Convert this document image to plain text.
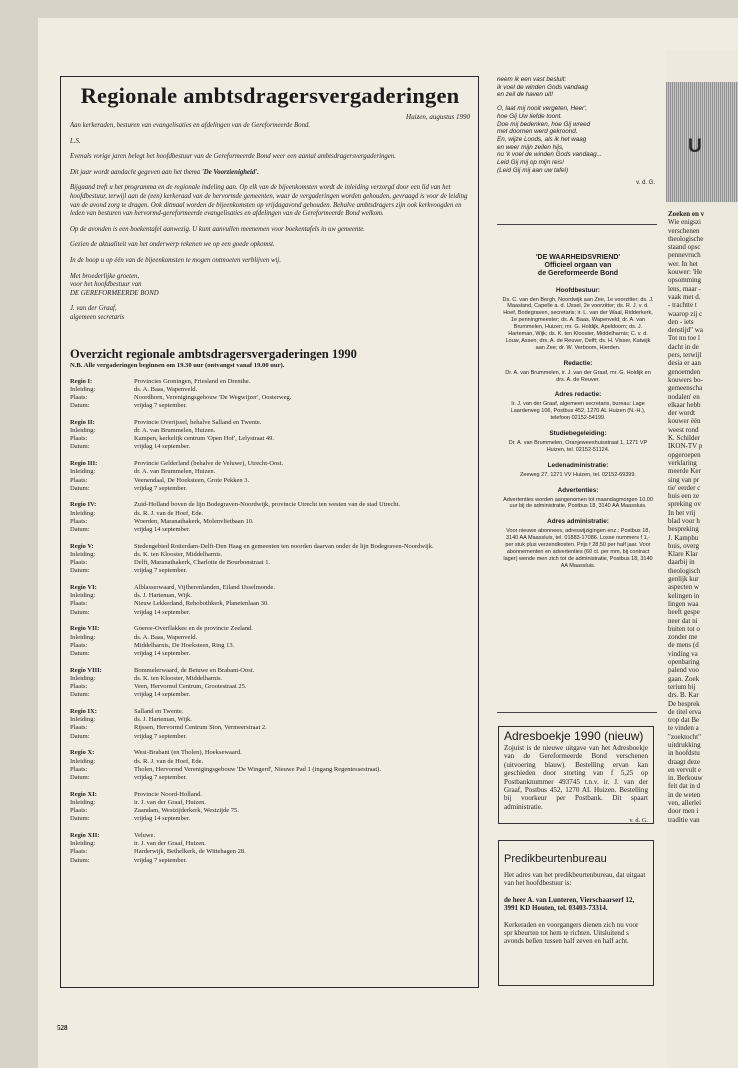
528
Regionale ambtsdragersvergaderingen
Huizen, augustus 1990

Aan kerkeraden, besturen van evangelisaties en afdelingen van de Gereformeerde Bond.

L.S.

Evenals vorige jaren belegt het hoofdbestuur van de Gereformeerde Bond weer een aantal ambtsdragersvergaderingen.

Dit jaar wordt aandacht gegeven aan het thema 'De Voorzienigheid'.

Bijgaand treft u het programma en de regionale indeling aan. Op elk van de bijeenkomsten wordt de inleiding verzorgd door een lid van het hoofdbestuur, terwijl aan de (een) kerkeraad van de hervormde gemeenten, waar de vergaderingen worden gehouden, gevraagd is voor de leiding van de avond zorg te dragen. Ook ditmaal worden de bijeenkomsten op vrijdagavond gehouden. Behalve ambtsdragers zijn ook kerkvoogden en leden van besturen van hervormd-gereformeerde evangelisaties en afdelingen van de Gereformeerde Bond welkom.

Op de avonden is een boekentafel aanwezig. U kunt aanvullen meenemen voor boekentafels in uw gemeente.

Gezien de aktualiteit van het onderwerp rekenen we op een goede opkomst.

In de hoop u op één van de bijeenkomsten te mogen ontmoeten verblijven wij.

Met broederlijke groeten,
voor het hoofdbestuur van
DE GEREFORMEERDE BOND

J. van der Graaf,
algemeen secretaris

Overzicht regionale ambtsdragersvergaderingen 1990

N.B. Alle vergaderingen beginnen om 19.30 uur (ontvangst vanaf 19.00 uur).

Regio I:	Provincies Groningen, Friesland en Drenthe.
Inleiding:	ds. A. Baas, Wapenveld.
Plaats:	Noordhorn, Verenigingsgebouw 'De Wegwijzer', Oosterweg.
Datum:	vrijdag 7 september.
Regio II:	Provincie Overijssel, behalve Salland en Twente.
Inleiding:	dr. A. van Brummelen, Huizen.
Plaats:	Kampen, kerkelijk centrum 'Open Hof', Lelystraat 49.
Datum:	vrijdag 14 september.
Regio III:	Provincie Gelderland (behalve de Veluwe), Utrecht-Oost.
Inleiding:	dr. A. van Brummelen, Huizen.
Plaats:	Veenendaal, De Hoeksteen, Grote Pekken 3.
Datum:	vrijdag 7 september.
Regio IV:	Zuid-Holland boven de lijn Bodegraven-Noordwijk, provincie Utrecht ten westen van de stad Utrecht.
Inleiding:	ds. R. J. van de Hoef, Ede.
Plaats:	Woerden, Maranathakerk, Molenvlietbaan 10.
Datum:	vrijdag 14 september.
Regio V:	Stedengebied Rotterdam-Delft-Den Haag en gemeenten ten noorden daarvan onder de lijn Bodegraven-Noordwijk.
Inleiding:	ds. K. ten Klooster, Middelharnis.
Plaats:	Delft, Maranathakerk, Charlotte de Bourbonstraat 1.
Datum:	vrijdag 7 september.
Regio VI:	Alblasserwaard, Vijfherenlanden, Eiland IJsselmonde.
Inleiding:	ds. J. Harteman, Wijk.
Plaats:	Nieuw Lekkerland, Rehobothkerk, Planetenlaan 30.
Datum:	vrijdag 14 september.
Regio VII:	Goeree-Overflakkee en de provincie Zeeland.
Inleiding:	ds. A. Baas, Wapenveld.
Plaats:	Middelharnis, De Hoeksteen, Ring 13.
Datum:	vrijdag 14 september.
Regio VIII:	Bommelerwaard, de Betuwe en Brabant-Oost.
Inleiding:	ds. K. ten Klooster, Middelharnis.
Plaats:	Veen, Hervormd Centrum, Grootestraat 25.
Datum:	vrijdag 14 september.
Regio IX:	Salland en Twente.
Inleiding:	ds. J. Harteman, Wijk.
Plaats:	Rijssen, Hervormd Centrum Sion, Vermeerstraat 2.
Datum:	vrijdag 7 september.
Regio X:	West-Brabant (en Tholen), Hoeksewaard.
Inleiding:	ds. R. J. van de Hoef, Ede.
Plaats:	Tholen, Hervormd Verenigingsgebouw 'De Wingerd', Nieuwe Pad 1 (ingang Regentessestraat).
Datum:	vrijdag 7 september.
Regio XI:	Provincie Noord-Holland.
Inleiding:	ir. J. van der Graaf, Huizen.
Plaats:	Zaandam, Westzijderkerk, Westzijde 75.
Datum:	vrijdag 14 september.
Regio XII:	Veluwe.
Inleiding:	ir. J. van der Graaf, Huizen.
Plaats:	Harderwijk, Bethelkerk, de Wittehagen 28.
Datum:	vrijdag 7 september.

neem ik een vast besluit:
ik voel de winden Gods vandaag
en zeil de haven uit!

O, laat mij nooit vergeten, Heer',
hoe Gij Uw liefde toont.
Doe mij bedenken, hoe Gij wreed
met doornen werd gekroond.
En, wijze Loods, als ik het waag
en weer mijn zeilen hijs,
nu 'k voel de winden Gods vandaag...
Leid Gij mij op mijn reis!
(Leid Gij mij aan uw tafel)

v. d. G.
'DE WAARHEIDSVRIEND'
Officieel orgaan van
de Gereformeerde Bond
Hoofdbestuur:

Ds. C. van den Bergh, Noordwijk aan Zee, 1e voorzitter; ds. J. Maasland, Capelle a. d. IJssel, 2e voorzitter; ds. R. J. v. d. Hoef, Bodegraven, secretaris; ir. L. van der Waal, Ridderkerk, 1e penningmeester; ds. A. Baas, Wapenveld; dr. A. van Brummelen, Huizen; mr. G. Holdijk, Apeldoorn; ds. J. Harteman, Wijk; ds. K. ten Klooster, Middelharnis; C. v. d. Louw, Assen; drs. A. de Reuver, Delft; ds. H. Visser, Katwijk aan Zee; dr. W. Verboom, Hierden.

Redactie:

Dr. A. van Brummelen, ir. J. van der Graaf, mr. G. Holdijk en drs. A. de Reuver.

Adres redactie:

Ir. J. van der Graaf, algemeen secretaris, bureau: Lage Laarderweg 106, Postbus 452, 1270 AL Huizen (N.-H.), telefoon 02152-54199.

Studiebegeleiding:

Dr. A. van Brummelen, Oranjeweeshuisstraat 1, 1271 VP Huizen, tel. 02152-51124.

Ledenadministratie:

Zeeweg 27, 1271 VV Huizen, tel. 02152-69399.

Advertenties:

Advertenties worden aangenomen tot maandagmorgen 10.00 uur bij de administratie, Postbus 18, 3140 AA Maassluis.

Adres administratie:

Voor nieuwe abonnees, adreswijzigingen enz.: Postbus 18, 3140 AA Maassluis, tel. 01883-17086. Losse nummers f 1,- per stuk plus verzendkosten. Prijs f 28,50 per half jaar. Voor abonnementen en advertenties (60 ct. per mm, bij contract lager) wende men zich tot de administratie, Postbus 18, 3140 AA Maassluis.

Adresboekje 1990 (nieuw)

Zojuist is de nieuwe uitgave van het Adresboekje van de Gereformeerde Bond verschenen (uitvoering blauw). Bestelling ervan kan geschieden door storting van f 5,25 op Postbanknummer 493745 t.n.v. ir. J. van der Graaf, Postbus 452, 1270 AL Huizen. Bestelling bij voorkeur per Postbank. Dit spaart administratie.

v. d. G.
Predikbeurtenbureau

Het adres van het predikbeurtenbureau, dat uitgaat van het hoofdbestuur is:

de heer A. van Lunteren, Vierschaarserf 12, 3991 KD Houten, tel. 03403-73314.

Kerkeraden en voorgangers dienen zich nu voor spr kbeurten tot hem te richten. Uitsluitend s avonds bellen tussen half zeven en half acht.

U
Zoeken en v
Wie enigszi
verschenen
theologische
staand opsc
pennevruch
wer. In het
kouwer: 'He
opsomming
lens, maar -
vaak met d.
- trachtte t
waarop zij c
den - iets
denstijd" wa
Tot nu toe l
dacht in de
pers, terwijl
desia er aan
genoemden
kouwers bo-
gemeenscha
nodalen' en
elkaar hebb
der wordt
kouwer één
weest rond
K. Schilder
IKON-TV p
opgeroepen
verklaring
meerde Ker
sing van pr
tie' eerder c
huis een ze
spreking ov
In het vrij
blad voor h
bespreking
J. Kamphu
huis, overg
Klare Klar
daarbij in
theologisch
genlijk kur
aspecten w
kelingen in
lingen waa
heeft gespe
neer dat ni
buiten tot o
zonder me
de mens (d
vinding va
openbaring
palend voo
gaan. Zoek
terium bij
drs. B. Kar
De besprek
de titel erva
trop dat Be
te vinden a
"zoektocht"
uitdrukking
in hoofdstu
draagt deze
en vervult e
in. Berkouw
feit dat in d
in de weten
ven, allerlei
door men i
traditie van
